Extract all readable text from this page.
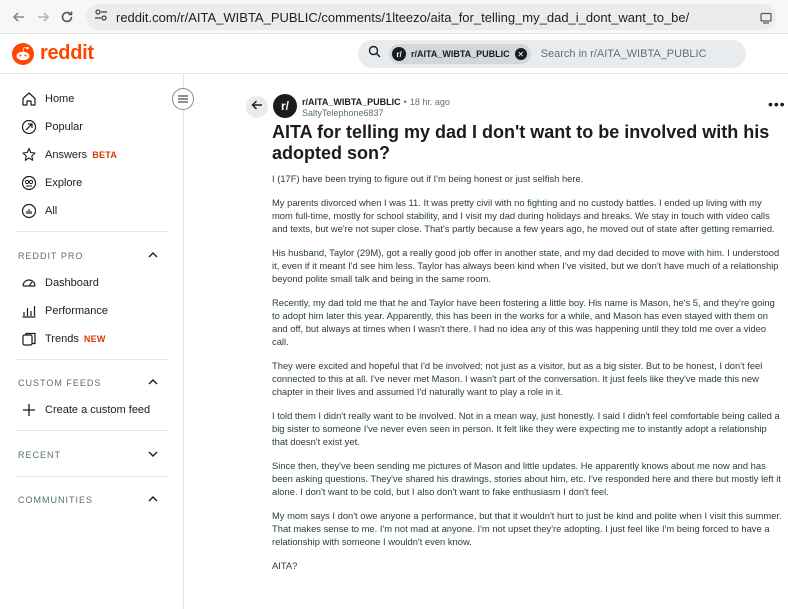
reddit.com/r/AITA_WIBTA_PUBLIC/comments/1lteezo/aita_for_telling_my_dad_i_dont_want_to_be/
reddit	r/	r/AITA_WIBTA_PUBLIC ✕ Search in r/AITA_WIBTA_PUBLIC
Home
Popular
Answers BETA
Explore
All
REDDIT PRO
Dashboard
Performance
Trends NEW
CUSTOM FEEDS
Create a custom feed
RECENT
COMMUNITIES
r/	r/AITA_WIBTA_PUBLIC • 18 hr. ago
SaltyTelephone6837
•••
AITA for telling my dad I don't want to be involved with his adopted son?

I (17F) have been trying to figure out if I'm being honest or just selfish here.

My parents divorced when I was 11. It was pretty civil with no fighting and no custody battles. I ended up living with my mom full-time, mostly for school stability, and I visit my dad during holidays and breaks. We stay in touch with video calls and texts, but we're not super close. That's partly because a few years ago, he moved out of state after getting remarried.

His husband, Taylor (29M), got a really good job offer in another state, and my dad decided to move with him. I understood it, even if it meant I'd see him less. Taylor has always been kind when I've visited, but we don't have much of a relationship beyond polite small talk and being in the same room.

Recently, my dad told me that he and Taylor have been fostering a little boy. His name is Mason, he's 5, and they're going to adopt him later this year. Apparently, this has been in the works for a while, and Mason has even stayed with them on and off, but always at times when I wasn't there. I had no idea any of this was happening until they told me over a video call.

They were excited and hopeful that I'd be involved; not just as a visitor, but as a big sister. But to be honest, I don't feel connected to this at all. I've never met Mason. I wasn't part of the conversation. It just feels like they've made this new chapter in their lives and assumed I'd naturally want to play a role in it.

I told them I didn't really want to be involved. Not in a mean way, just honestly. I said I didn't feel comfortable being called a big sister to someone I've never even seen in person. It felt like they were expecting me to instantly adopt a relationship that doesn't exist yet.

Since then, they've been sending me pictures of Mason and little updates. He apparently knows about me now and has been asking questions. They've shared his drawings, stories about him, etc. I've responded here and there but mostly left it alone. I don't want to be cold, but I also don't want to fake enthusiasm I don't feel.

My mom says I don't owe anyone a performance, but that it wouldn't hurt to just be kind and polite when I visit this summer. That makes sense to me. I'm not mad at anyone. I'm not upset they're adopting. I just feel like I'm being forced to have a relationship with someone I wouldn't even know.

AITA?
